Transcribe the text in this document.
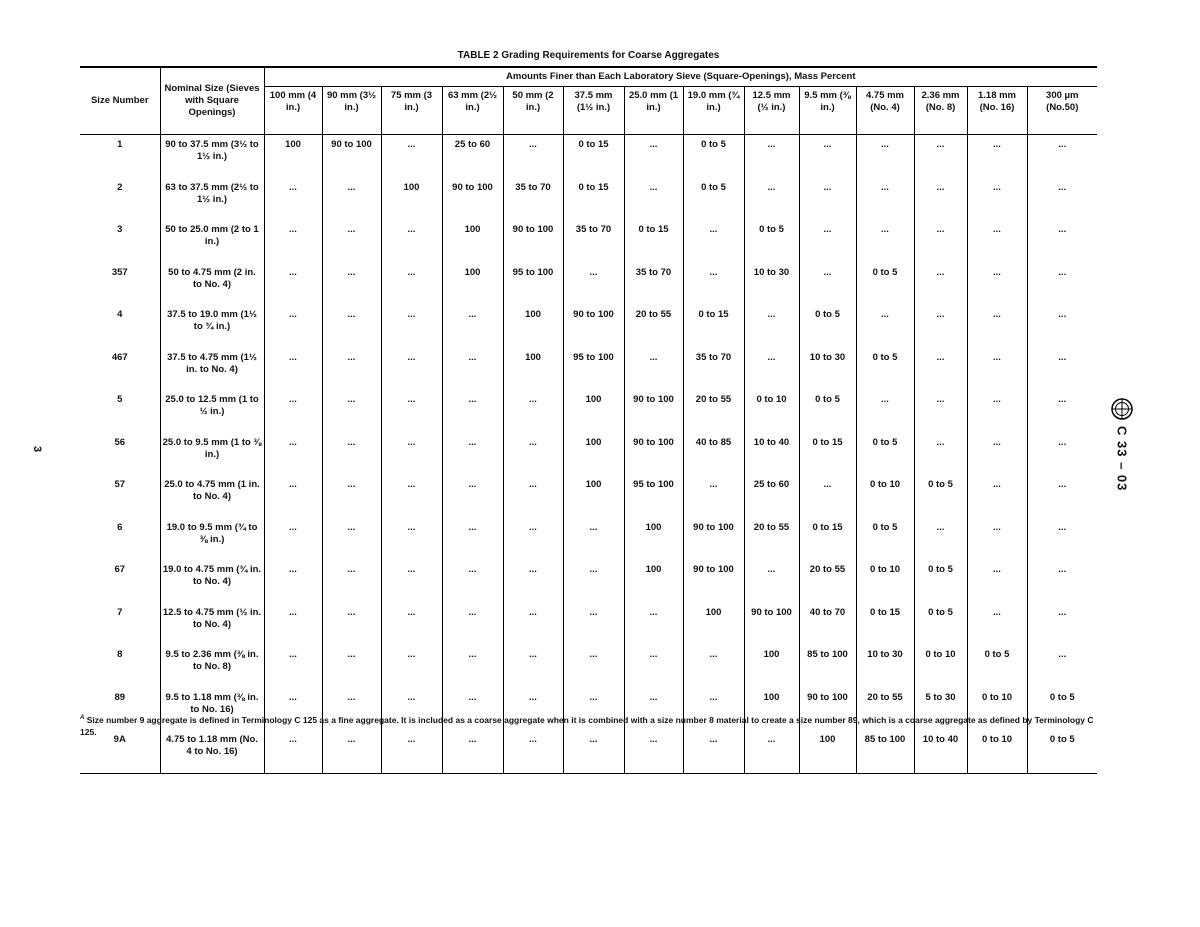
TABLE 2 Grading Requirements for Coarse Aggregates
Size Number	Nominal Size (Sieves with Square Openings)	Amounts Finer than Each Laboratory Sieve (Square-Openings), Mass Percent													
		100 mm (4 in.)	90 mm (3½ in.)	75 mm (3 in.)	63 mm (2½ in.)	50 mm (2 in.)	37.5 mm (1½ in.)	25.0 mm (1 in.)	19.0 mm (¾ in.)	12.5 mm (½ in.)	9.5 mm (⅜ in.)	4.75 mm (No. 4)	2.36 mm (No. 8)	1.18 mm (No. 16)	300 µm (No.50)
1	90 to 37.5 mm (3½ to 1½ in.)	100	90 to 100	...	25 to 60	...	0 to 15	...	0 to 5	...	...	...	...	...	...
2	63 to 37.5 mm (2½ to 1½ in.)	...	...	100	90 to 100	35 to 70	0 to 15	...	0 to 5	...	...	...	...	...	...
3	50 to 25.0 mm (2 to 1 in.)	...	...	...	100	90 to 100	35 to 70	0 to 15	...	0 to 5	...	...	...	...	...
357	50 to 4.75 mm (2 in. to No. 4)	...	...	...	100	95 to 100	...	35 to 70	...	10 to 30	...	0 to 5	...	...	...
4	37.5 to 19.0 mm (1½ to ¾ in.)	...	...	...	...	100	90 to 100	20 to 55	0 to 15	...	0 to 5	...	...	...	...
467	37.5 to 4.75 mm (1½ in. to No. 4)	...	...	...	...	100	95 to 100	...	35 to 70	...	10 to 30	0 to 5	...	...	...
5	25.0 to 12.5 mm (1 to ½ in.)	...	...	...	...	...	100	90 to 100	20 to 55	0 to 10	0 to 5	...	...	...	...
56	25.0 to 9.5 mm (1 to ⅜ in.)	...	...	...	...	...	100	90 to 100	40 to 85	10 to 40	0 to 15	0 to 5	...	...	...
57	25.0 to 4.75 mm (1 in. to No. 4)	...	...	...	...	...	100	95 to 100	...	25 to 60	...	0 to 10	0 to 5	...	...
6	19.0 to 9.5 mm (¾ to ⅜ in.)	...	...	...	...	...	...	100	90 to 100	20 to 55	0 to 15	0 to 5	...	...	...
67	19.0 to 4.75 mm (¾ in. to No. 4)	...	...	...	...	...	...	100	90 to 100	...	20 to 55	0 to 10	0 to 5	...	...
7	12.5 to 4.75 mm (½ in. to No. 4)	...	...	...	...	...	...	...	100	90 to 100	40 to 70	0 to 15	0 to 5	...	...
8	9.5 to 2.36 mm (⅜ in. to No. 8)	...	...	...	...	...	...	...	...	100	85 to 100	10 to 30	0 to 10	0 to 5	...
89	9.5 to 1.18 mm (⅜ in. to No. 16)	...	...	...	...	...	...	...	...	100	90 to 100	20 to 55	5 to 30	0 to 10	0 to 5
9A	4.75 to 1.18 mm (No. 4 to No. 16)	...	...	...	...	...	...	...	...	...	100	85 to 100	10 to 40	0 to 10	0 to 5
$^A$ Size number 9 aggregate is defined in Terminology C 125 as a fine aggregate. It is included as a coarse aggregate when it is combined with a size number 8 material to create a size number 89, which is a coarse aggregate as defined by Terminology C 125.
3	C 33 – 03
